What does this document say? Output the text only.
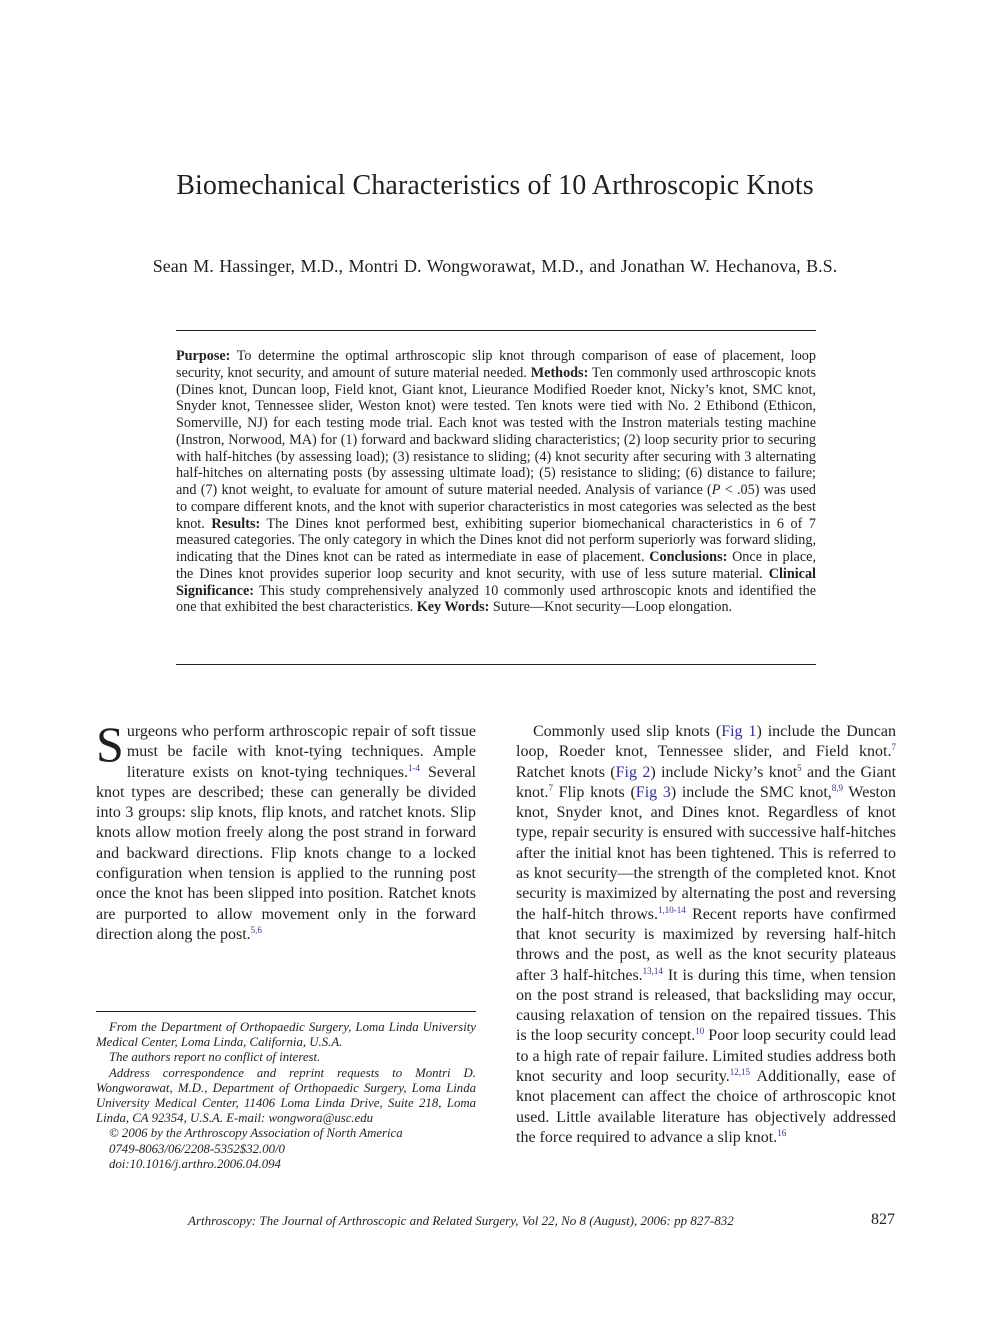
Biomechanical Characteristics of 10 Arthroscopic Knots
Sean M. Hassinger, M.D., Montri D. Wongworawat, M.D., and Jonathan W. Hechanova, B.S.
Purpose: To determine the optimal arthroscopic slip knot through comparison of ease of placement, loop security, knot security, and amount of suture material needed. Methods: Ten commonly used arthroscopic knots (Dines knot, Duncan loop, Field knot, Giant knot, Lieurance Modified Roeder knot, Nicky’s knot, SMC knot, Snyder knot, Tennessee slider, Weston knot) were tested. Ten knots were tied with No. 2 Ethibond (Ethicon, Somerville, NJ) for each testing mode trial. Each knot was tested with the Instron materials testing machine (Instron, Norwood, MA) for (1) forward and backward sliding characteristics; (2) loop security prior to securing with half-hitches (by assessing load); (3) resistance to sliding; (4) knot security after securing with 3 alternating half-hitches on alternating posts (by assessing ultimate load); (5) resistance to sliding; (6) distance to failure; and (7) knot weight, to evaluate for amount of suture material needed. Analysis of variance (P < .05) was used to compare different knots, and the knot with superior characteristics in most categories was selected as the best knot. Results: The Dines knot performed best, exhibiting superior biomechanical characteristics in 6 of 7 measured categories. The only category in which the Dines knot did not perform superiorly was forward sliding, indicating that the Dines knot can be rated as intermediate in ease of placement. Conclusions: Once in place, the Dines knot provides superior loop security and knot security, with use of less suture material. Clinical Significance: This study comprehensively analyzed 10 commonly used arthroscopic knots and identified the one that exhibited the best characteristics. Key Words: Suture—Knot security—Loop elongation.

Surgeons who perform arthroscopic repair of soft tissue must be facile with knot-tying techniques. Ample literature exists on knot-tying techniques.$^{1-4}$ Several knot types are described; these can generally be divided into 3 groups: slip knots, flip knots, and ratchet knots. Slip knots allow motion freely along the post strand in forward and backward directions. Flip knots change to a locked configuration when tension is applied to the running post once the knot has been slipped into position. Ratchet knots are purported to allow movement only in the forward direction along the post.$^{5,6}$

From the Department of Orthopaedic Surgery, Loma Linda University Medical Center, Loma Linda, California, U.S.A.

The authors report no conflict of interest.

Address correspondence and reprint requests to Montri D. Wongworawat, M.D., Department of Orthopaedic Surgery, Loma Linda University Medical Center, 11406 Loma Linda Drive, Suite 218, Loma Linda, CA 92354, U.S.A. E-mail: wongwora@usc.edu

© 2006 by the Arthroscopy Association of North America

0749-8063/06/2208-5352$32.00/0

doi:10.1016/j.arthro.2006.04.094

Commonly used slip knots (Fig 1) include the Duncan loop, Roeder knot, Tennessee slider, and Field knot.$^7$ Ratchet knots (Fig 2) include Nicky’s knot$^5$ and the Giant knot.$^7$ Flip knots (Fig 3) include the SMC knot,$^{8,9}$ Weston knot, Snyder knot, and Dines knot. Regardless of knot type, repair security is ensured with successive half-hitches after the initial knot has been tightened. This is referred to as knot security—the strength of the completed knot. Knot security is maximized by alternating the post and reversing the half-hitch throws.$^{1,10-14}$ Recent reports have confirmed that knot security is maximized by reversing half-hitch throws and the post, as well as the knot security plateaus after 3 half-hitches.$^{13,14}$ It is during this time, when tension on the post strand is released, that backsliding may occur, causing relaxation of tension on the repaired tissues. This is the loop security concept.$^{10}$ Poor loop security could lead to a high rate of repair failure. Limited studies address both knot security and loop security.$^{12,15}$ Additionally, ease of knot placement can affect the choice of arthroscopic knot used. Little available literature has objectively addressed the force required to advance a slip knot.$^{16}$

Arthroscopy: The Journal of Arthroscopic and Related Surgery, Vol 22, No 8 (August), 2006: pp 827-832	827
